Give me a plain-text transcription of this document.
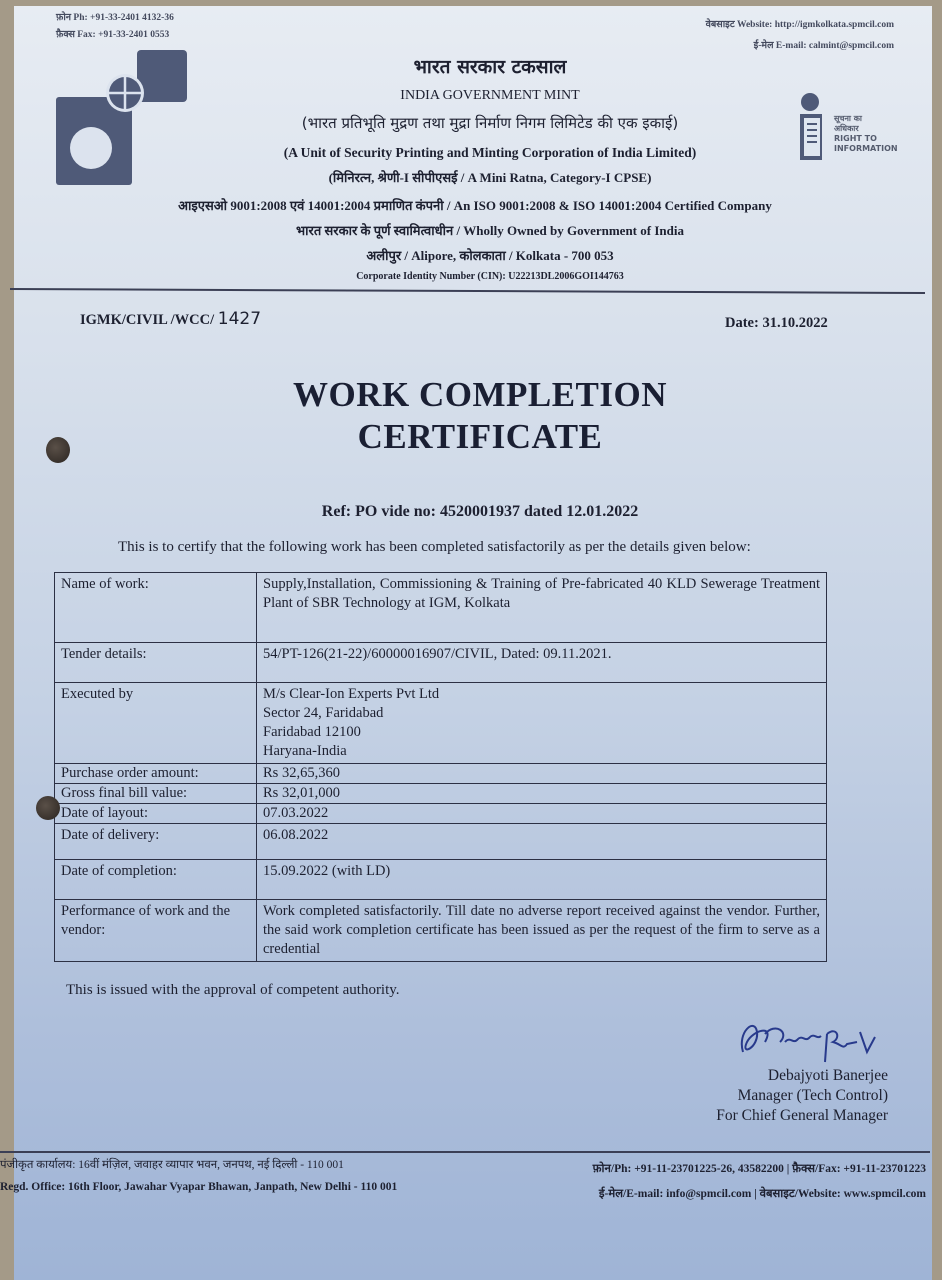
फ़ोन Ph: +91-33-2401 4132-36
फ़ैक्स Fax: +91-33-2401 0553
वेबसाइट Website: http://igmkolkata.spmcil.com
ई-मेल E-mail: calmint@spmcil.com
भारत सरकार टकसाल
INDIA GOVERNMENT MINT
(भारत प्रतिभूति मुद्रण तथा मुद्रा निर्माण निगम लिमिटेड की एक इकाई)
(A Unit of Security Printing and Minting Corporation of India Limited)
(मिनिरत्न, श्रेणी-I सीपीएसई / A Mini Ratna, Category-I CPSE)
आइएसओ 9001:2008 एवं 14001:2004 प्रमाणित कंपनी / An ISO 9001:2008 & ISO 14001:2004 Certified Company
भारत सरकार के पूर्ण स्वामित्वाधीन / Wholly Owned by Government of India
अलीपुर / Alipore, कोलकाता / Kolkata - 700 053
Corporate Identity Number (CIN): U22213DL2006GOI144763
सूचना का
अधिकार
RIGHT TO
INFORMATION
IGMK/CIVIL /WCC/ 1427	Date: 31.10.2022
WORK COMPLETION
CERTIFICATE
Ref: PO vide no: 4520001937 dated 12.01.2022
This is to certify that the following work has been completed satisfactorily as per the details given below:
Name of work:	Supply,Installation, Commissioning & Training of Pre-fabricated 40 KLD Sewerage Treatment Plant of SBR Technology at IGM, Kolkata
Tender details:	54/PT-126(21-22)/60000016907/CIVIL, Dated: 09.11.2021.
Executed by	M/s Clear-Ion Experts Pvt Ltd
Sector 24, Faridabad
Faridabad 12100
Haryana-India

Purchase order amount:	Rs 32,65,360
Gross final bill value:	Rs 32,01,000
Date of layout:	07.03.2022
Date of delivery:	06.08.2022
Date of completion:	15.09.2022 (with LD)
Performance of work and the vendor:	Work completed satisfactorily. Till date no adverse report received against the vendor. Further, the said work completion certificate has been issued as per the request of the firm to serve as a credential
This is issued with the approval of competent authority.
Debajyoti Banerjee
Manager (Tech Control)
For Chief General Manager
पंजीकृत कार्यालय: 16वीं मंज़िल, जवाहर व्यापार भवन, जनपथ, नई दिल्ली - 110 001
Regd. Office: 16th Floor, Jawahar Vyapar Bhawan, Janpath, New Delhi - 110 001
फ़ोन/Ph: +91-11-23701225-26, 43582200 | फ़ैक्स/Fax: +91-11-23701223
ई-मेल/E-mail: info@spmcil.com | वेबसाइट/Website: www.spmcil.com
